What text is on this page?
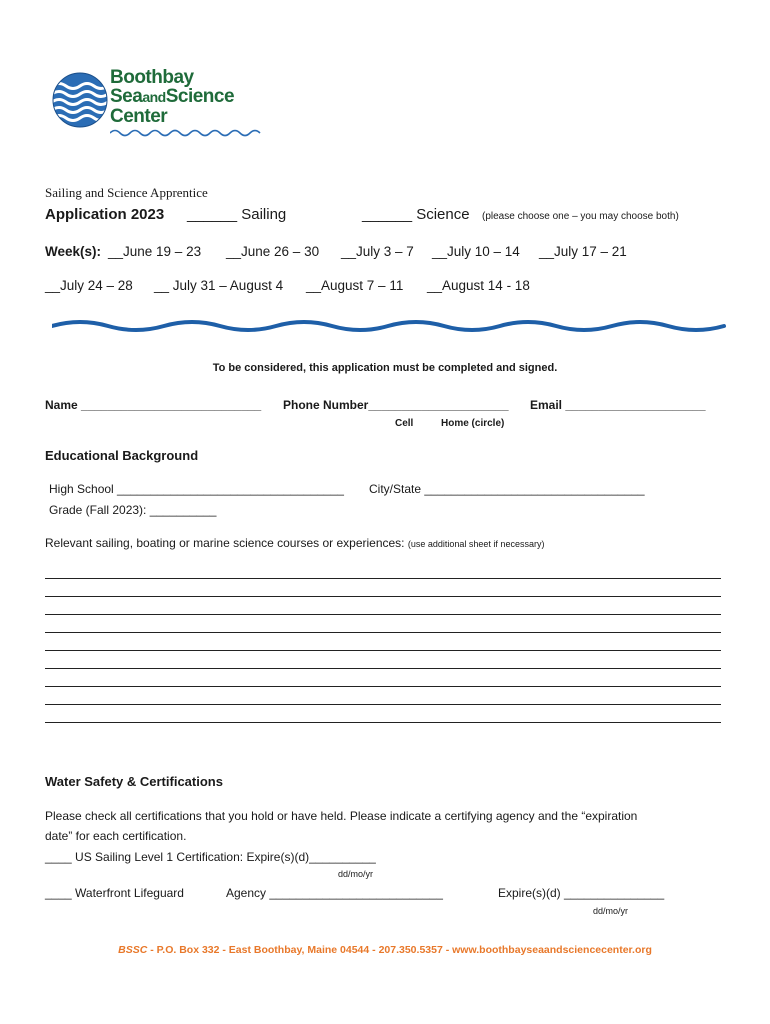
Boothbay
SeaandScience
Center
Sailing and Science Apprentice
Application 2023 ______ Sailing	______ Science (please choose one – you may choose both)
Week(s): __June 19 – 23 __June 26 – 30 __July 3 – 7 __July 10 – 14 __July 17 – 21
__July 24 – 28 __ July 31 – August 4 __August 7 – 11 __August 14 - 18
To be considered, this application must be completed and signed.
Name ___________________________ Phone Number_____________________ Email _____________________
Cell	Home (circle)
Educational Background
High School __________________________________ City/State _________________________________
Grade (Fall 2023): __________
Relevant sailing, boating or marine science courses or experiences: (use additional sheet if necessary)
Water Safety & Certifications
Please check all certifications that you hold or have held. Please indicate a certifying agency and the “expiration
date” for each certification.
____ US Sailing Level 1 Certification: Expire(s)(d)__________
dd/mo/yr
____ Waterfront Lifeguard	Agency __________________________	Expire(s)(d) _______________
dd/mo/yr
BSSC - P.O. Box 332 - East Boothbay, Maine 04544 - 207.350.5357 - www.boothbayseaandsciencecenter.org
